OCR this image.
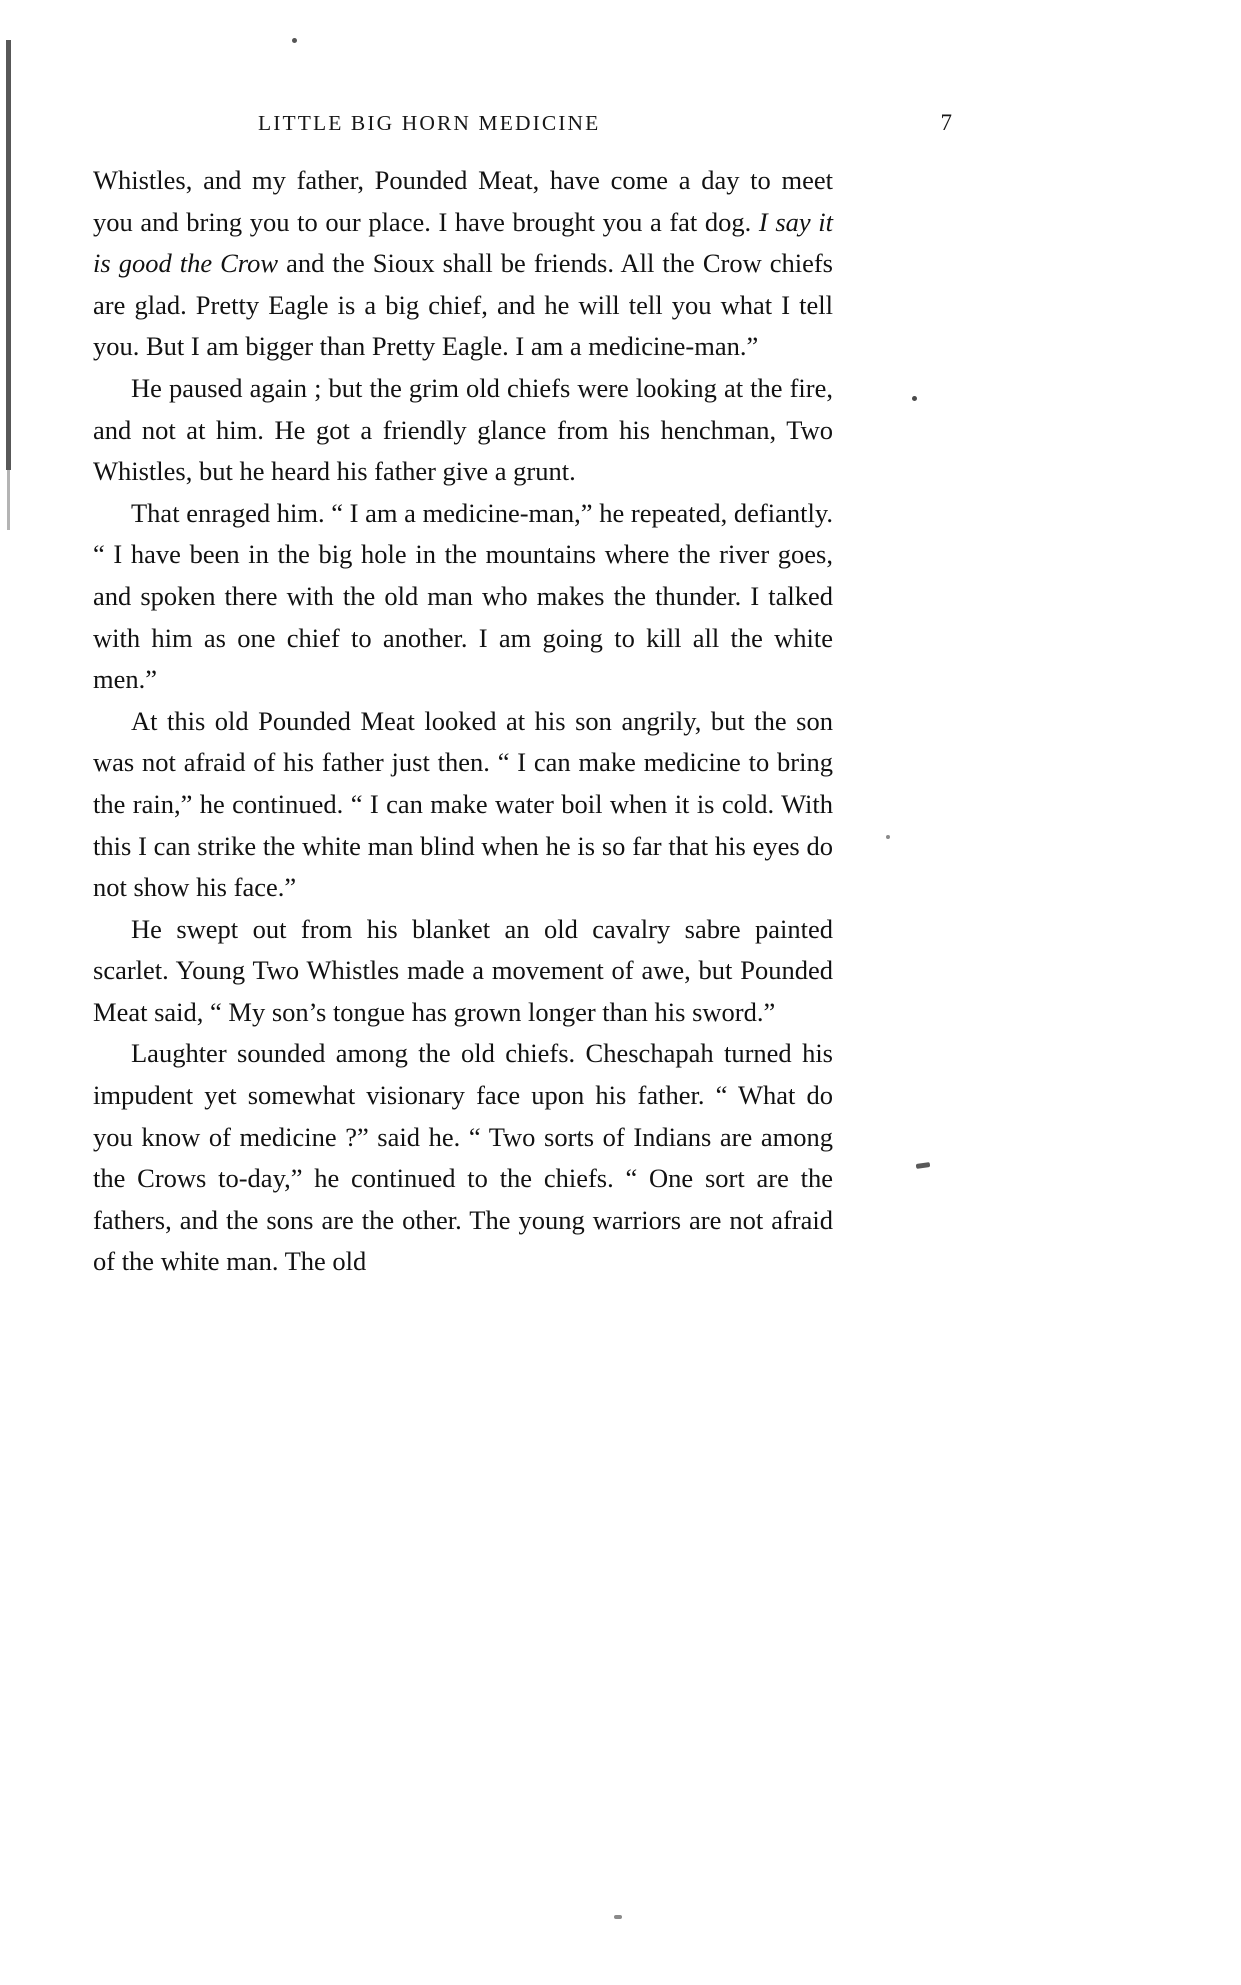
LITTLE BIG HORN MEDICINE	7

Whistles, and my father, Pounded Meat, have come a day to meet you and bring you to our place. I have brought you a fat dog. I say it is good the Crow and the Sioux shall be friends. All the Crow chiefs are glad. Pretty Eagle is a big chief, and he will tell you what I tell you. But I am bigger than Pretty Eagle. I am a medicine-man.”

He paused again ; but the grim old chiefs were looking at the fire, and not at him. He got a friendly glance from his henchman, Two Whistles, but he heard his father give a grunt.

That enraged him. “ I am a medicine-man,” he repeated, defiantly. “ I have been in the big hole in the mountains where the river goes, and spoken there with the old man who makes the thunder. I talked with him as one chief to another. I am going to kill all the white men.”

At this old Pounded Meat looked at his son angrily, but the son was not afraid of his father just then. “ I can make medicine to bring the rain,” he continued. “ I can make water boil when it is cold. With this I can strike the white man blind when he is so far that his eyes do not show his face.”

He swept out from his blanket an old cavalry sabre painted scarlet. Young Two Whistles made a movement of awe, but Pounded Meat said, “ My son’s tongue has grown longer than his sword.”

Laughter sounded among the old chiefs. Cheschapah turned his impudent yet somewhat visionary face upon his father. “ What do you know of medicine ?” said he. “ Two sorts of Indians are among the Crows to-day,” he continued to the chiefs. “ One sort are the fathers, and the sons are the other. The young warriors are not afraid of the white man. The old
